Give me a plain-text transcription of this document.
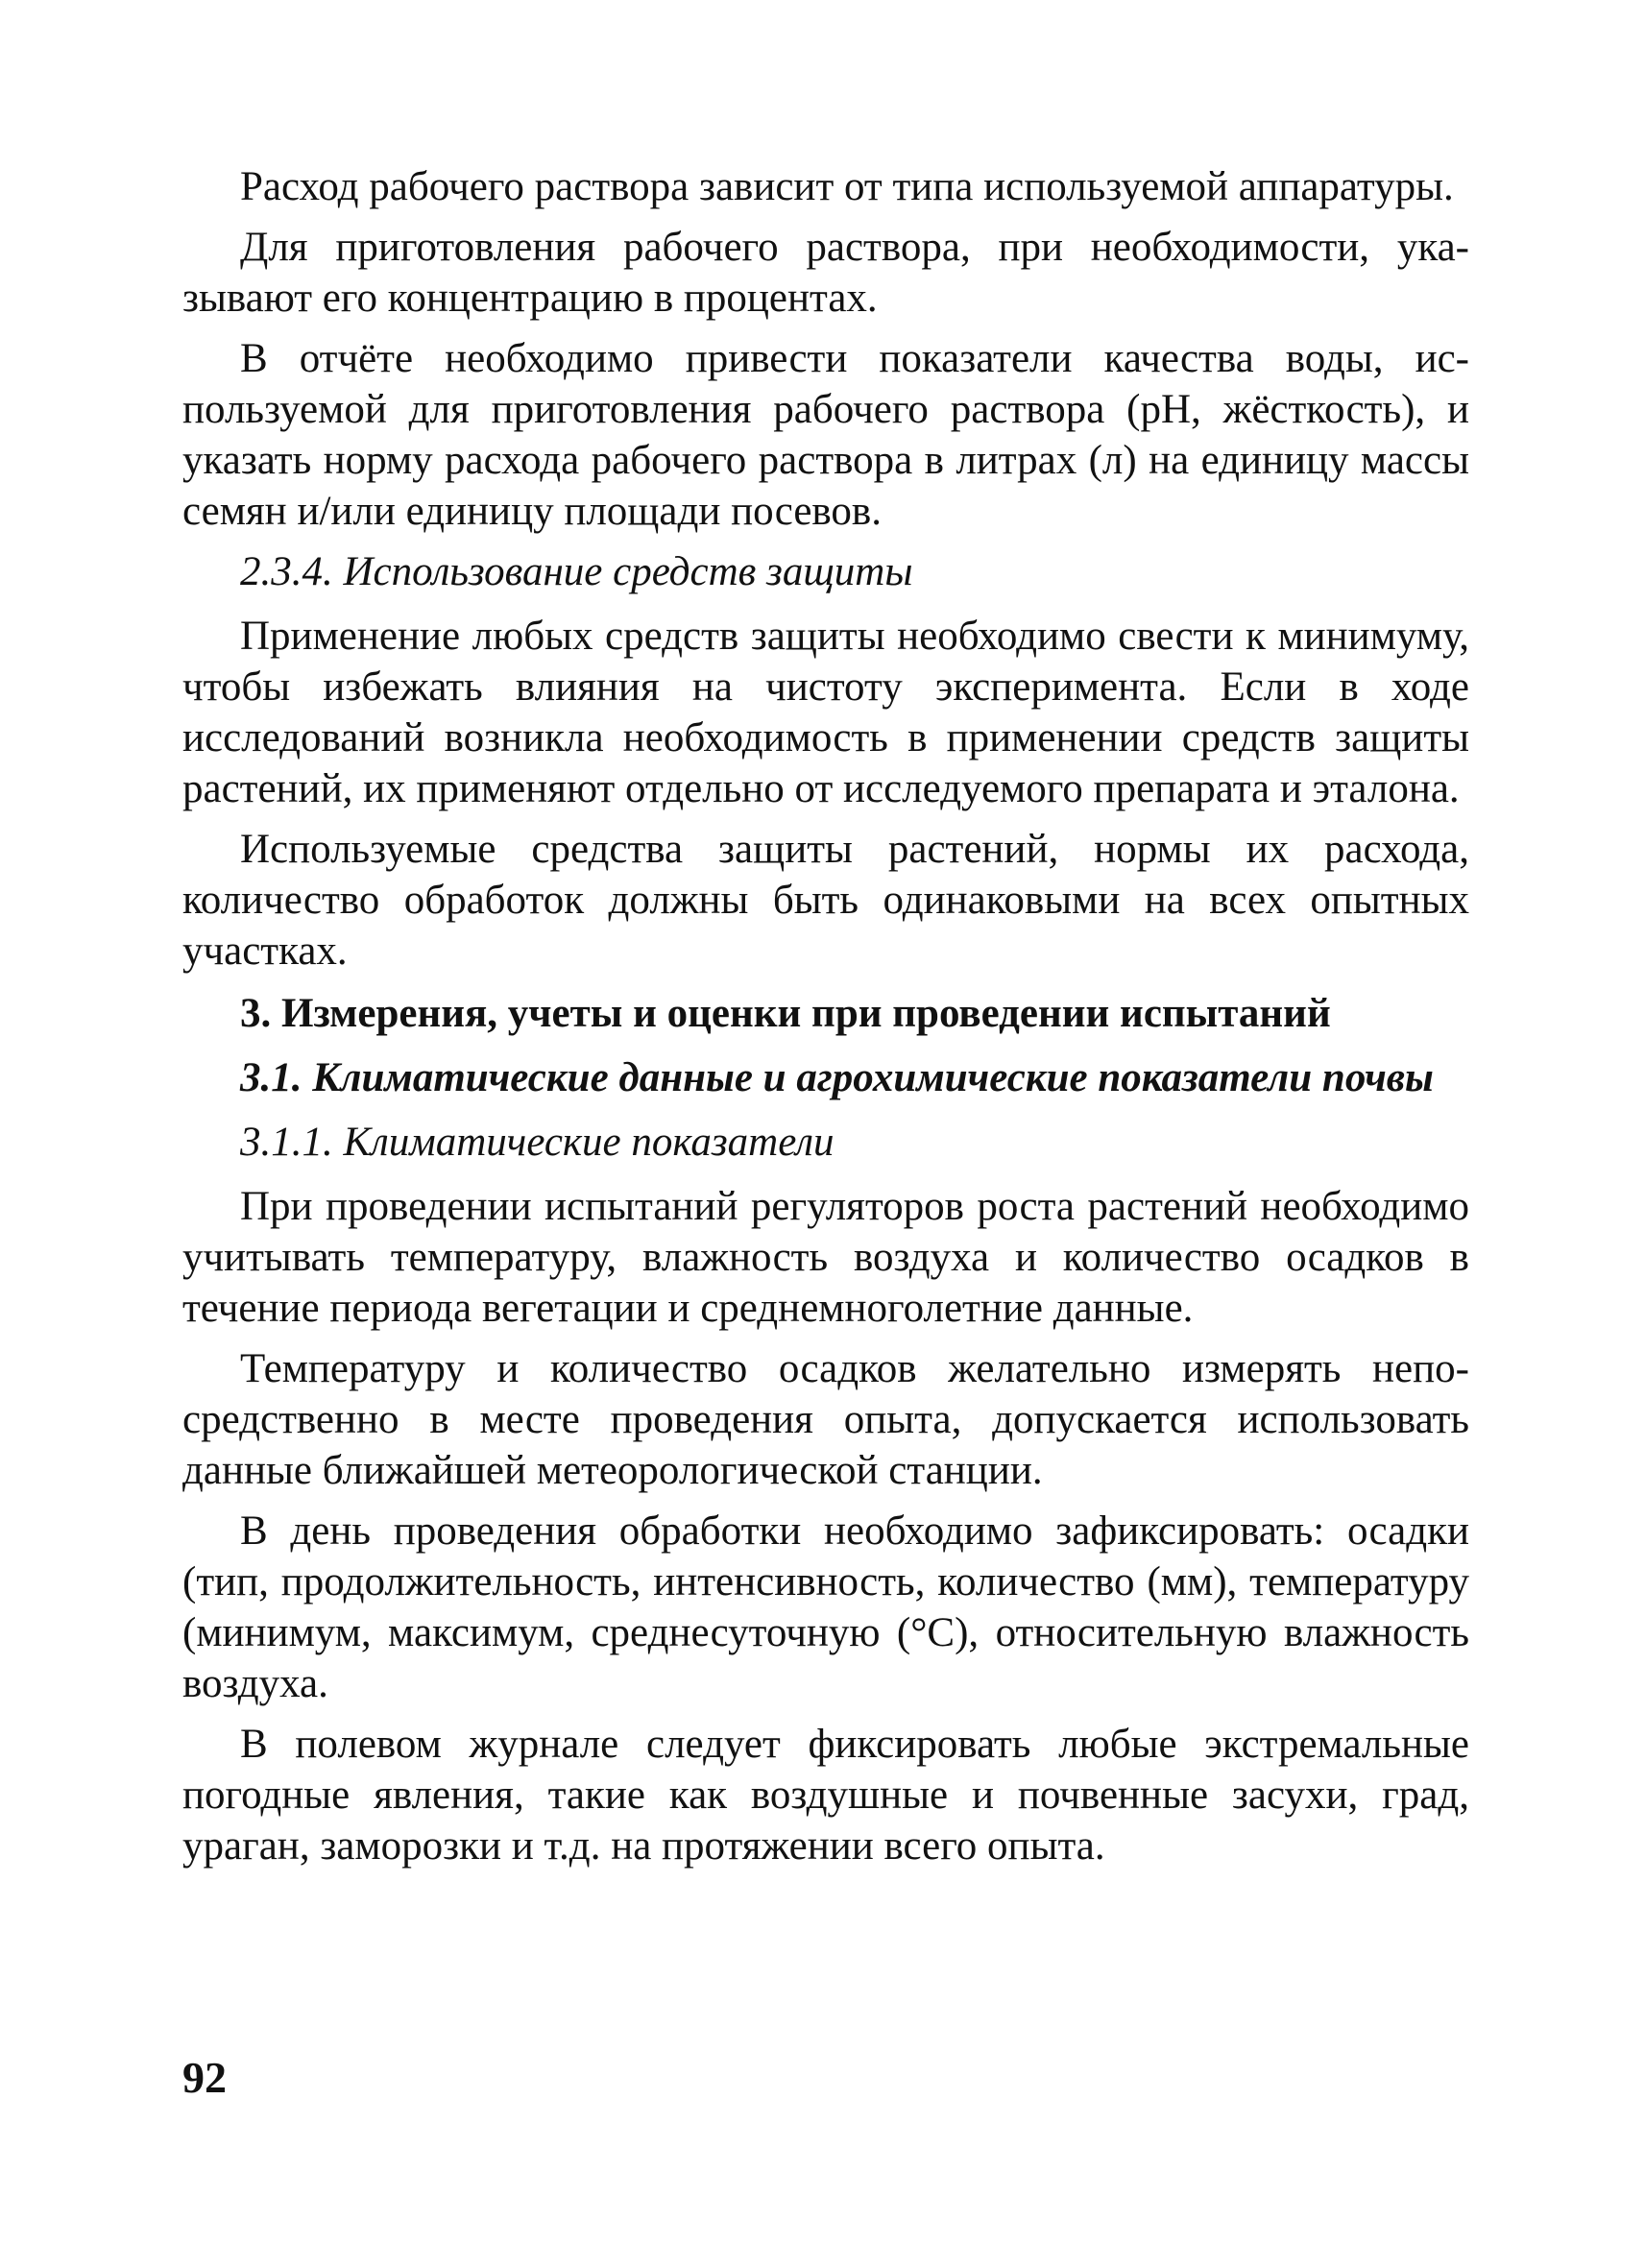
Расход рабочего раствора зависит от типа используемой аппаратуры.

Для приготовления рабочего раствора, при необходимости, указывают его концентрацию в процентах.

В отчёте необходимо привести показатели качества воды, используемой для приготовления рабочего раствора (pH, жёсткость), и указать норму расхода рабочего раствора в литрах (л) на единицу массы семян и/или единицу площади посевов.

2.3.4. Использование средств защиты

Применение любых средств защиты необходимо свести к минимуму, чтобы избежать влияния на чистоту эксперимента. Если в ходе исследований возникла необходимость в применении средств защиты растений, их применяют отдельно от исследуемого препарата и эталона.

Используемые средства защиты растений, нормы их расхода, количество обработок должны быть одинаковыми на всех опытных участках.

3. Измерения, учеты и оценки при проведении испытаний

3.1. Климатические данные и агрохимические показатели почвы

3.1.1. Климатические показатели

При проведении испытаний регуляторов роста растений необходимо учитывать температуру, влажность воздуха и количество осадков в течение периода вегетации и среднемноголетние данные.

Температуру и количество осадков желательно измерять непосредственно в месте проведения опыта, допускается использовать данные ближайшей метеорологической станции.

В день проведения обработки необходимо зафиксировать: осадки (тип, продолжительность, интенсивность, количество (мм), температуру (минимум, максимум, среднесуточную (°С), относительную влажность воздуха.

В полевом журнале следует фиксировать любые экстремальные погодные явления, такие как воздушные и почвенные засухи, град, ураган, заморозки и т.д. на протяжении всего опыта.

92
